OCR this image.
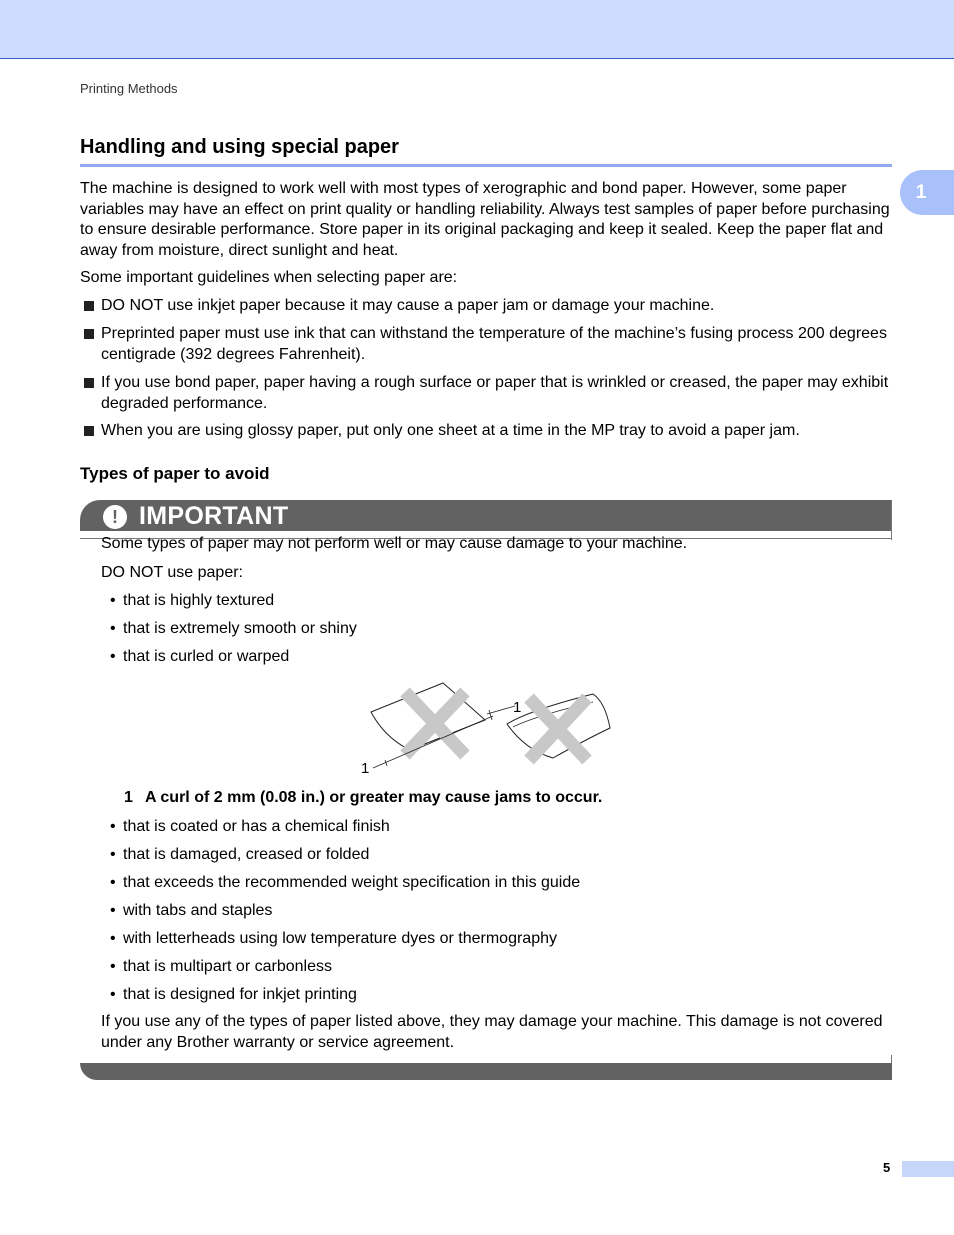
Printing Methods
1
Handling and using special paper
The machine is designed to work well with most types of xerographic and bond paper. However, some paper variables may have an effect on print quality or handling reliability. Always test samples of paper before purchasing to ensure desirable performance. Store paper in its original packaging and keep it sealed. Keep the paper flat and away from moisture, direct sunlight and heat.
Some important guidelines when selecting paper are:
DO NOT use inkjet paper because it may cause a paper jam or damage your machine.
Preprinted paper must use ink that can withstand the temperature of the machine’s fusing process 200 degrees centigrade (392 degrees Fahrenheit).
If you use bond paper, paper having a rough surface or paper that is wrinkled or creased, the paper may exhibit degraded performance.
When you are using glossy paper, put only one sheet at a time in the MP tray to avoid a paper jam.
Types of paper to avoid
! IMPORTANT
Some types of paper may not perform well or may cause damage to your machine.
DO NOT use paper:
• that is highly textured
• that is extremely smooth or shiny
• that is curled or warped
1
1
1 A curl of 2 mm (0.08 in.) or greater may cause jams to occur.
• that is coated or has a chemical finish
• that is damaged, creased or folded
• that exceeds the recommended weight specification in this guide
• with tabs and staples
• with letterheads using low temperature dyes or thermography
• that is multipart or carbonless
• that is designed for inkjet printing
If you use any of the types of paper listed above, they may damage your machine. This damage is not covered under any Brother warranty or service agreement.
5
